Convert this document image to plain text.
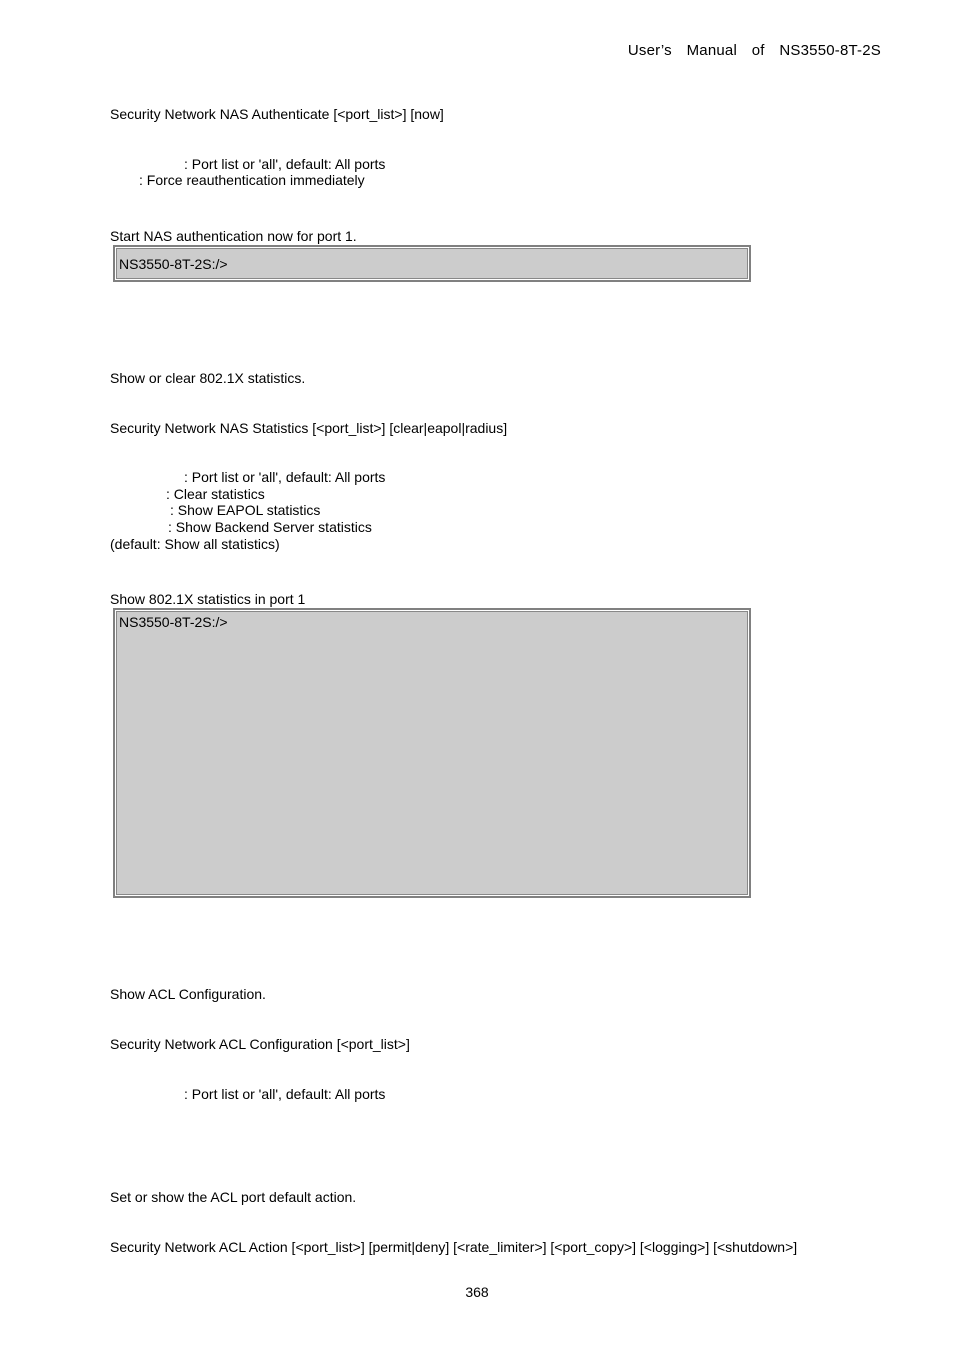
User’s  Manual  of  NS3550-8T-2S
Security Network NAS Authenticate [<port_list>] [now]
: Port list or 'all', default: All ports
: Force reauthentication immediately
Start NAS authentication now for port 1.
NS3550-8T-2S:/>
Show or clear 802.1X statistics.
Security Network NAS Statistics [<port_list>] [clear|eapol|radius]
: Port list or 'all', default: All ports
: Clear statistics
: Show EAPOL statistics
: Show Backend Server statistics
(default: Show all statistics)
Show 802.1X statistics in port 1
NS3550-8T-2S:/>
Show ACL Configuration.
Security Network ACL Configuration [<port_list>]
: Port list or 'all', default: All ports
Set or show the ACL port default action.
Security Network ACL Action [<port_list>] [permit|deny] [<rate_limiter>] [<port_copy>] [<logging>] [<shutdown>]
368
